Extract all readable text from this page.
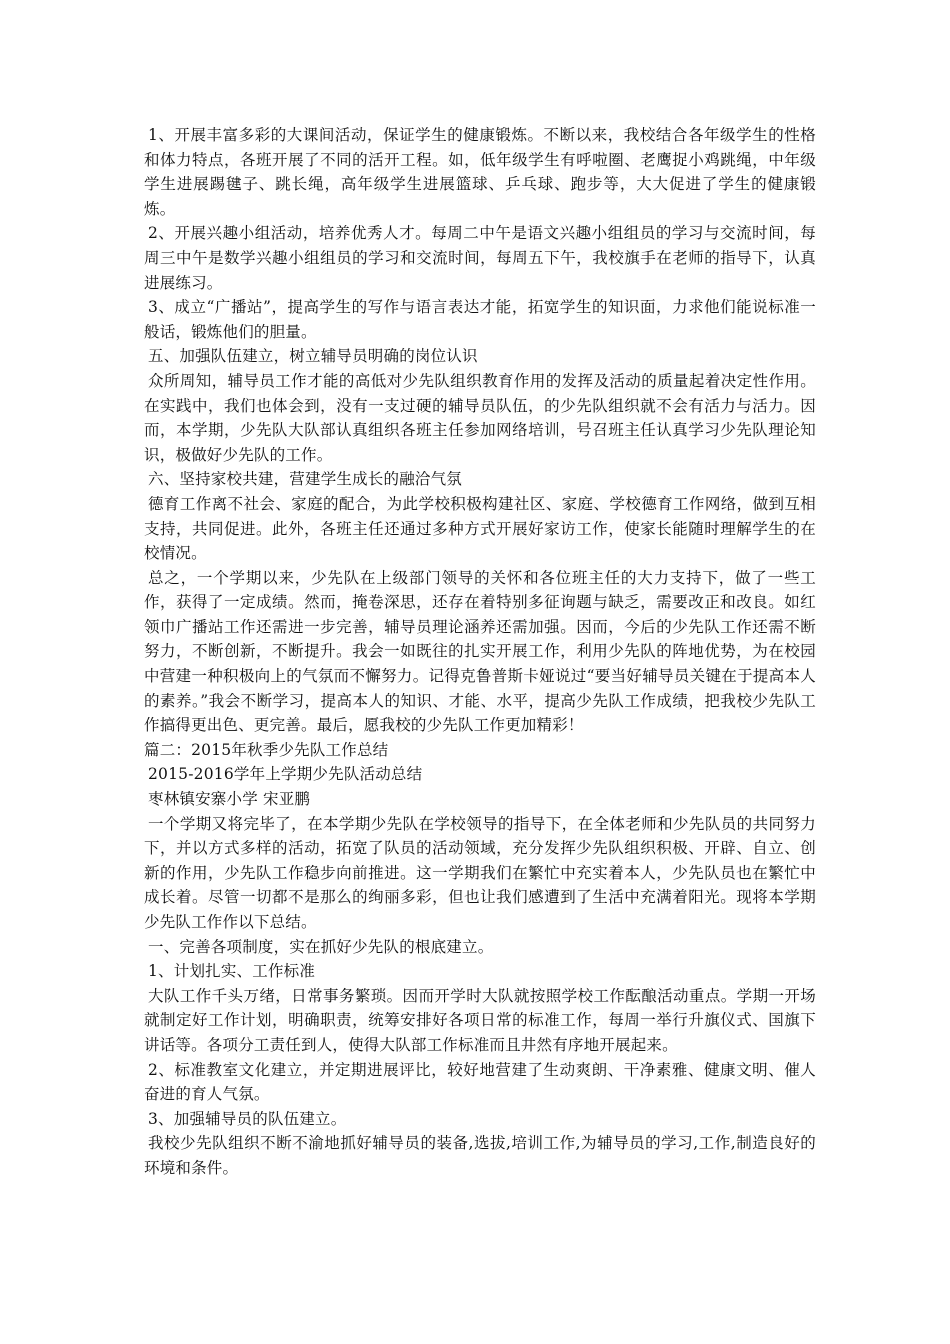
1、开展丰富多彩的大课间活动，保证学生的健康锻炼。不断以来，我校结合各年级学生的性格和体力特点，各班开展了不同的活开工程。如，低年级学生有呼啦圈、老鹰捉小鸡跳绳，中年级学生进展踢毽子、跳长绳，高年级学生进展篮球、乒乓球、跑步等，大大促进了学生的健康锻炼。

2、开展兴趣小组活动，培养优秀人才。每周二中午是语文兴趣小组组员的学习与交流时间，每周三中午是数学兴趣小组组员的学习和交流时间，每周五下午，我校旗手在老师的指导下，认真进展练习。

3、成立“广播站”，提高学生的写作与语言表达才能，拓宽学生的知识面，力求他们能说标准一般话，锻炼他们的胆量。

五、加强队伍建立，树立辅导员明确的岗位认识

众所周知，辅导员工作才能的高低对少先队组织教育作用的发挥及活动的质量起着决定性作用。在实践中，我们也体会到，没有一支过硬的辅导员队伍，的少先队组织就不会有活力与活力。因而，本学期，少先队大队部认真组织各班主任参加网络培训，号召班主任认真学习少先队理论知识，极做好少先队的工作。

六、坚持家校共建，营建学生成长的融洽气氛

德育工作离不社会、家庭的配合，为此学校积极构建社区、家庭、学校德育工作网络，做到互相支持，共同促进。此外，各班主任还通过多种方式开展好家访工作，使家长能随时理解学生的在校情况。

总之，一个学期以来，少先队在上级部门领导的关怀和各位班主任的大力支持下，做了一些工作，获得了一定成绩。然而，掩卷深思，还存在着特别多征询题与缺乏，需要改正和改良。如红领巾广播站工作还需进一步完善，辅导员理论涵养还需加强。因而，今后的少先队工作还需不断努力，不断创新，不断提升。我会一如既往的扎实开展工作，利用少先队的阵地优势，为在校园中营建一种积极向上的气氛而不懈努力。记得克鲁普斯卡娅说过“要当好辅导员关键在于提高本人的素养。”我会不断学习，提高本人的知识、才能、水平，提高少先队工作成绩，把我校少先队工作搞得更出色、更完善。最后，愿我校的少先队工作更加精彩！

篇二：2015年秋季少先队工作总结

2015-2016学年上学期少先队活动总结

枣林镇安寨小学 宋亚鹏

一个学期又将完毕了，在本学期少先队在学校领导的指导下，在全体老师和少先队员的共同努力下，并以方式多样的活动，拓宽了队员的活动领域，充分发挥少先队组织积极、开辟、自立、创新的作用，少先队工作稳步向前推进。这一学期我们在繁忙中充实着本人，少先队员也在繁忙中成长着。尽管一切都不是那么的绚丽多彩，但也让我们感遭到了生活中充满着阳光。现将本学期少先队工作作以下总结。

一、完善各项制度，实在抓好少先队的根底建立。

1、计划扎实、工作标准

大队工作千头万绪，日常事务繁琐。因而开学时大队就按照学校工作酝酿活动重点。学期一开场就制定好工作计划，明确职责，统筹安排好各项日常的标准工作，每周一举行升旗仪式、国旗下讲话等。各项分工责任到人，使得大队部工作标准而且井然有序地开展起来。

2、标准教室文化建立，并定期进展评比，较好地营建了生动爽朗、干净素雅、健康文明、催人奋进的育人气氛。

3、加强辅导员的队伍建立。

我校少先队组织不断不渝地抓好辅导员的装备,选拔,培训工作,为辅导员的学习,工作,制造良好的环境和条件。
